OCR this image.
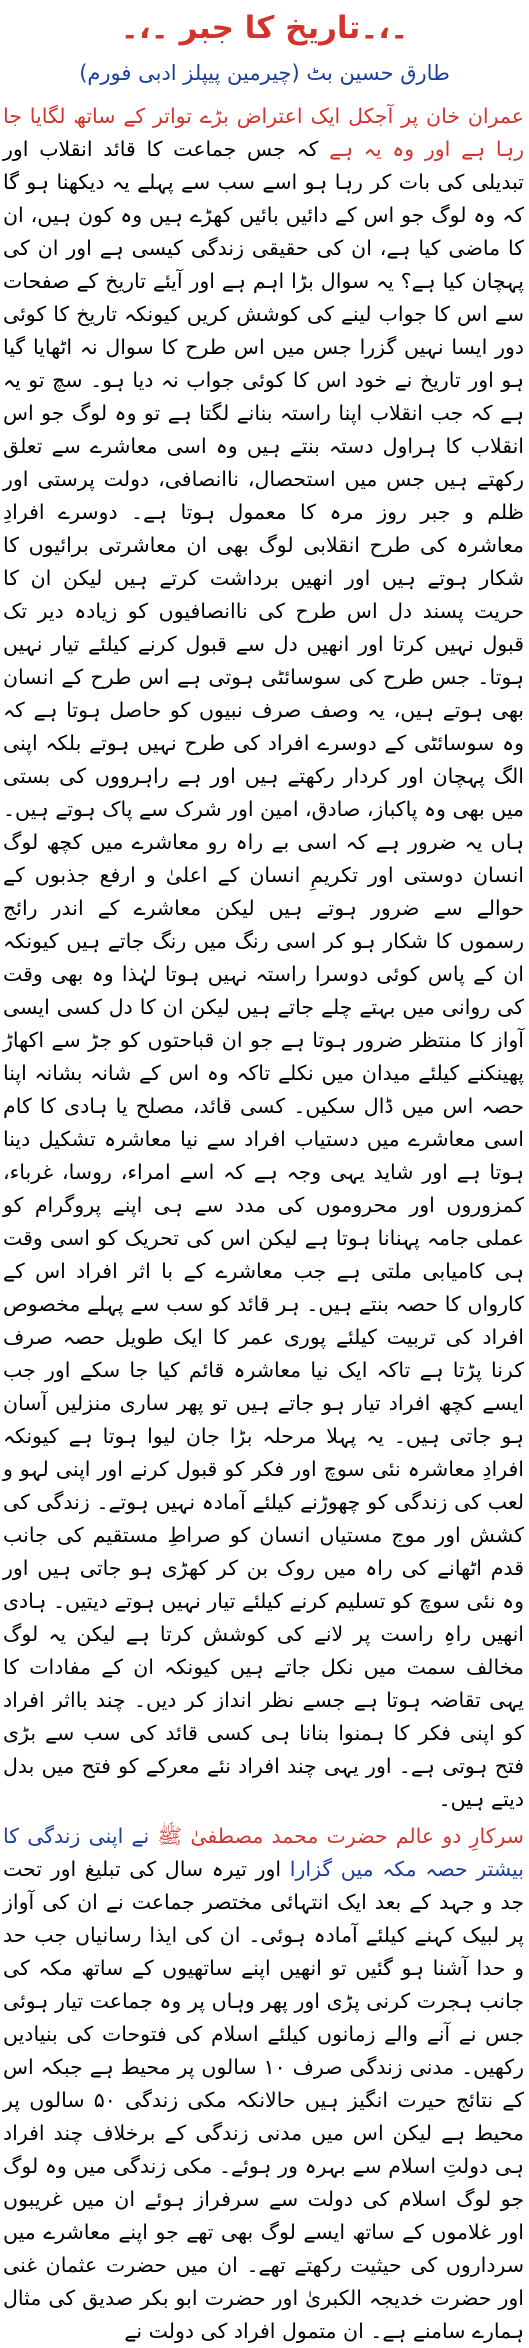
۔،۔تاریخ کا جبر ۔،۔
طارق حسین بٹ (چیرمین پیپلز ادبی فورم)

عمران خان پر آجکل ایک اعتراض بڑے تواتر کے ساتھ لگایا جا رہا ہے اور وہ یہ ہے کہ جس جماعت کا قائد انقلاب اور تبدیلی کی بات کر رہا ہو اسے سب سے پہلے یہ دیکھنا ہو گا کہ وہ لوگ جو اس کے دائیں بائیں کھڑے ہیں وہ کون ہیں، ان کا ماضی کیا ہے، ان کی حقیقی زندگی کیسی ہے اور ان کی پہچان کیا ہے؟ یہ سوال بڑا اہم ہے اور آیئے تاریخ کے صفحات سے اس کا جواب لینے کی کوشش کریں کیونکہ تاریخ کا کوئی دور ایسا نہیں گزرا جس میں اس طرح کا سوال نہ اٹھایا گیا ہو اور تاریخ نے خود اس کا کوئی جواب نہ دیا ہو۔ سچ تو یہ ہے کہ جب انقلاب اپنا راستہ بنانے لگتا ہے تو وہ لوگ جو اس انقلاب کا ہراول دستہ بنتے ہیں وہ اسی معاشرے سے تعلق رکھتے ہیں جس میں استحصال، ناانصافی، دولت پرستی اور ظلم و جبر روز مرہ کا معمول ہوتا ہے۔ دوسرے افرادِ معاشرہ کی طرح انقلابی لوگ بھی ان معاشرتی برائیوں کا شکار ہوتے ہیں اور انھیں برداشت کرتے ہیں لیکن ان کا حریت پسند دل اس طرح کی ناانصافیوں کو زیادہ دیر تک قبول نہیں کرتا اور انھیں دل سے قبول کرنے کیلئے تیار نہیں ہوتا۔ جس طرح کی سوسائٹی ہوتی ہے اس طرح کے انسان بھی ہوتے ہیں، یہ وصف صرف نبیوں کو حاصل ہوتا ہے کہ وہ سوسائٹی کے دوسرے افراد کی طرح نہیں ہوتے بلکہ اپنی الگ پہچان اور کردار رکھتے ہیں اور ہے راہرووں کی بستی میں بھی وہ پاکباز، صادق، امین اور شرک سے پاک ہوتے ہیں۔ ہاں یہ ضرور ہے کہ اسی بے راہ رو معاشرے میں کچھ لوگ انسان دوستی اور تکریمِ انسان کے اعلیٰ و ارفع جذبوں کے حوالے سے ضرور ہوتے ہیں لیکن معاشرے کے اندر رائج رسموں کا شکار ہو کر اسی رنگ میں رنگ جاتے ہیں کیونکہ ان کے پاس کوئی دوسرا راستہ نہیں ہوتا لہٰذا وہ بھی وقت کی روانی میں بہتے چلے جاتے ہیں لیکن ان کا دل کسی ایسی آواز کا منتظر ضرور ہوتا ہے جو ان قباحتوں کو جڑ سے اکھاڑ پھینکنے کیلئے میدان میں نکلے تاکہ وہ اس کے شانہ بشانہ اپنا حصہ اس میں ڈال سکیں۔ کسی قائد، مصلح یا ہادی کا کام اسی معاشرے میں دستیاب افراد سے نیا معاشرہ تشکیل دینا ہوتا ہے اور شاید یہی وجہ ہے کہ اسے امراء، روسا، غرباء، کمزوروں اور محروموں کی مدد سے ہی اپنے پروگرام کو عملی جامہ پہنانا ہوتا ہے لیکن اس کی تحریک کو اسی وقت ہی کامیابی ملتی ہے جب معاشرے کے با اثر افراد اس کے کارواں کا حصہ بنتے ہیں۔ ہر قائد کو سب سے پہلے مخصوص افراد کی تربیت کیلئے پوری عمر کا ایک طویل حصہ صرف کرنا پڑتا ہے تاکہ ایک نیا معاشرہ قائم کیا جا سکے اور جب ایسے کچھ افراد تیار ہو جاتے ہیں تو پھر ساری منزلیں آسان ہو جاتی ہیں۔ یہ پہلا مرحلہ بڑا جان لیوا ہوتا ہے کیونکہ افرادِ معاشرہ نئی سوچ اور فکر کو قبول کرنے اور اپنی لہو و لعب کی زندگی کو چھوڑنے کیلئے آمادہ نہیں ہوتے۔ زندگی کی کشش اور موج مستیاں انسان کو صراطِ مستقیم کی جانب قدم اٹھانے کی راہ میں روک بن کر کھڑی ہو جاتی ہیں اور وہ نئی سوچ کو تسلیم کرنے کیلئے تیار نہیں ہوتے دیتیں۔ ہادی انھیں راہِ راست پر لانے کی کوشش کرتا ہے لیکن یہ لوگ مخالف سمت میں نکل جاتے ہیں کیونکہ ان کے مفادات کا یہی تقاضہ ہوتا ہے جسے نظر انداز کر دیں۔ چند بااثر افراد کو اپنی فکر کا ہمنوا بنانا ہی کسی قائد کی سب سے بڑی فتح ہوتی ہے۔ اور یہی چند افراد نئے معرکے کو فتح میں بدل دیتے ہیں۔

سرکارِ دو عالم حضرت محمد مصطفیٰ ﷺ نے اپنی زندگی کا بیشتر حصہ مکہ میں گزارا اور تیرہ سال کی تبلیغ اور تحت جد و جہد کے بعد ایک انتہائی مختصر جماعت نے ان کی آواز پر لبیک کہنے کیلئے آمادہ ہوئی۔ ان کی ایذا رسانیاں جب حد و حدا آشنا ہو گئیں تو انھیں اپنے ساتھیوں کے ساتھ مکہ کی جانب ہجرت کرنی پڑی اور پھر وہاں پر وہ جماعت تیار ہوئی جس نے آنے والے زمانوں کیلئے اسلام کی فتوحات کی بنیادیں رکھیں۔ مدنی زندگی صرف ۱۰ سالوں پر محیط ہے جبکہ اس کے نتائج حیرت انگیز ہیں حالانکہ مکی زندگی ۵۰ سالوں پر محیط ہے لیکن اس میں مدنی زندگی کے برخلاف چند افراد ہی دولتِ اسلام سے بہرہ ور ہوئے۔ مکی زندگی میں وہ لوگ جو لوگ اسلام کی دولت سے سرفراز ہوئے ان میں غریبوں اور غلاموں کے ساتھ ایسے لوگ بھی تھے جو اپنے معاشرے میں سرداروں کی حیثیت رکھتے تھے۔ ان میں حضرت عثمان غنی اور حضرت خدیجہ الکبریٰ اور حضرت ابو بکر صدیق کی مثال ہمارے سامنے ہے۔ ان متمول افراد کی دولت نے
